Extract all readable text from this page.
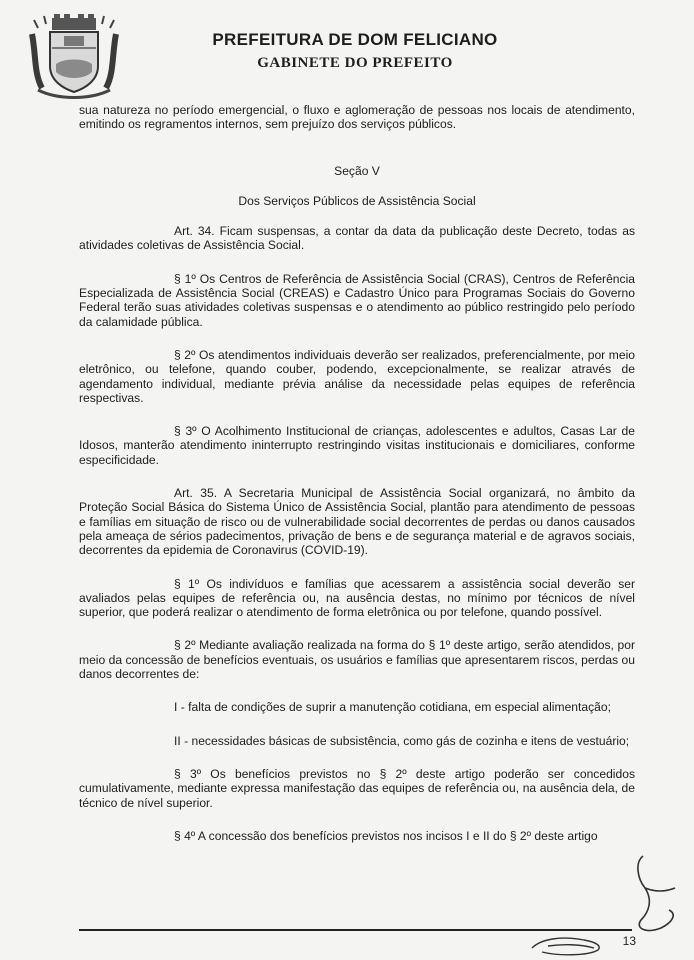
PREFEITURA DE DOM FELICIANO
GABINETE DO PREFEITO

sua natureza no período emergencial, o fluxo e aglomeração de pessoas nos locais de atendimento, emitindo os regramentos internos, sem prejuízo dos serviços públicos.

Seção V

Dos Serviços Públicos de Assistência Social

Art. 34. Ficam suspensas, a contar da data da publicação deste Decreto, todas as atividades coletivas de Assistência Social.

§ 1º Os Centros de Referência de Assistência Social (CRAS), Centros de Referência Especializada de Assistência Social (CREAS) e Cadastro Único para Programas Sociais do Governo Federal terão suas atividades coletivas suspensas e o atendimento ao público restringido pelo período da calamidade pública.

§ 2º Os atendimentos individuais deverão ser realizados, preferencialmente, por meio eletrônico, ou telefone, quando couber, podendo, excepcionalmente, se realizar através de agendamento individual, mediante prévia análise da necessidade pelas equipes de referência respectivas.

§ 3º O Acolhimento Institucional de crianças, adolescentes e adultos, Casas Lar de Idosos, manterão atendimento ininterrupto restringindo visitas institucionais e domiciliares, conforme especificidade.

Art. 35. A Secretaria Municipal de Assistência Social organizará, no âmbito da Proteção Social Básica do Sistema Único de Assistência Social, plantão para atendimento de pessoas e famílias em situação de risco ou de vulnerabilidade social decorrentes de perdas ou danos causados pela ameaça de sérios padecimentos, privação de bens e de segurança material e de agravos sociais, decorrentes da epidemia de Coronavirus (COVID-19).

§ 1º Os indivíduos e famílias que acessarem a assistência social deverão ser avaliados pelas equipes de referência ou, na ausência destas, no mínimo por técnicos de nível superior, que poderá realizar o atendimento de forma eletrônica ou por telefone, quando possível.

§ 2º Mediante avaliação realizada na forma do § 1º deste artigo, serão atendidos, por meio da concessão de benefícios eventuais, os usuários e famílias que apresentarem riscos, perdas ou danos decorrentes de:

I - falta de condições de suprir a manutenção cotidiana, em especial alimentação;

II - necessidades básicas de subsistência, como gás de cozinha e itens de vestuário;

§ 3º Os benefícios previstos no § 2º deste artigo poderão ser concedidos cumulativamente, mediante expressa manifestação das equipes de referência ou, na ausência dela, de técnico de nível superior.

§ 4º A concessão dos benefícios previstos nos incisos I e II do § 2º deste artigo

13
